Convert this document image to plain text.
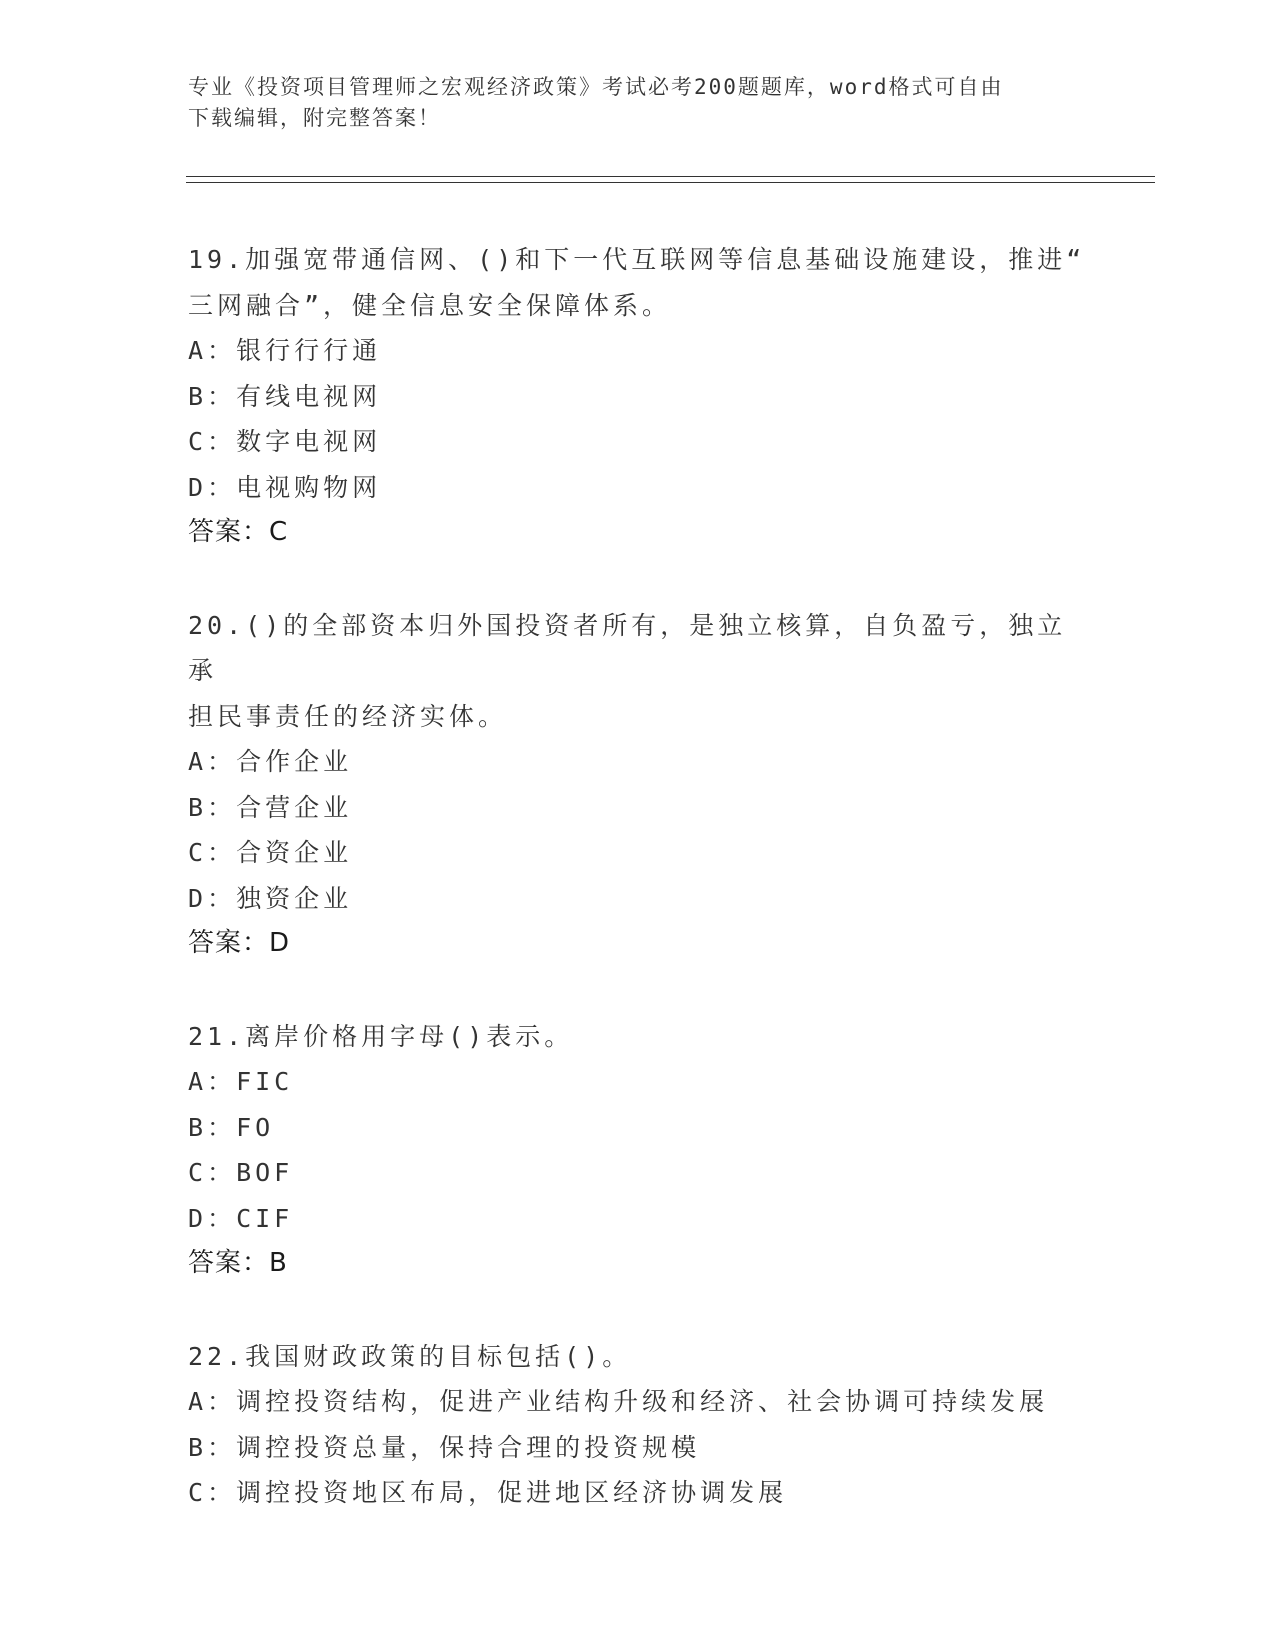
专业《投资项目管理师之宏观经济政策》考试必考200题题库，word格式可自由
下载编辑，附完整答案！

19.加强宽带通信网、()和下一代互联网等信息基础设施建设，推进“

三网融合”，健全信息安全保障体系。

A：银行行行通

B：有线电视网

C：数字电视网

D：电视购物网

答案：C

20.()的全部资本归外国投资者所有，是独立核算，自负盈亏，独立承

担民事责任的经济实体。

A：合作企业

B：合营企业

C：合资企业

D：独资企业

答案：D

21.离岸价格用字母()表示。

A：FIC

B：FO

C：BOF

D：CIF

答案：B

22.我国财政政策的目标包括()。

A：调控投资结构，促进产业结构升级和经济、社会协调可持续发展

B：调控投资总量，保持合理的投资规模

C：调控投资地区布局，促进地区经济协调发展
